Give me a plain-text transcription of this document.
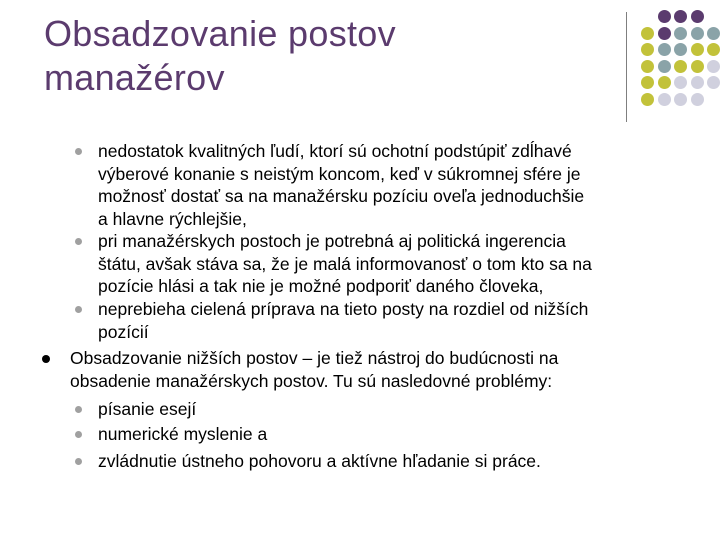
Obsadzovanie postov
manažérov
nedostatok kvalitných ľudí, ktorí sú ochotní podstúpiť zdĺhavé
výberové konanie s neistým koncom, keď v súkromnej sfére je
možnosť dostať sa na manažérsku pozíciu oveľa jednoduchšie
a hlavne rýchlejšie,
pri manažérskych postoch je potrebná aj politická ingerencia
štátu, avšak stáva sa, že je malá informovanosť o tom kto sa na
pozície hlási a tak nie je možné podporiť daného človeka,
neprebieha cielená príprava na tieto posty na rozdiel od nižších
pozícií
Obsadzovanie nižších postov – je tiež nástroj do budúcnosti na
obsadenie manažérskych postov. Tu sú nasledovné problémy:
písanie esejí
numerické myslenie a
zvládnutie ústneho pohovoru a aktívne hľadanie si práce.
